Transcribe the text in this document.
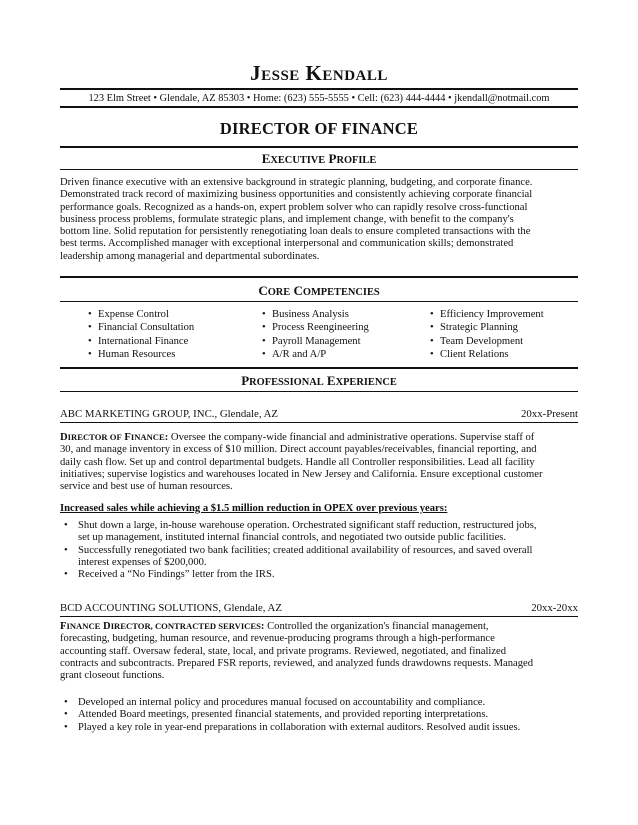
JESSE KENDALL
123 Elm Street • Glendale, AZ 85303 • Home: (623) 555-5555 • Cell: (623) 444-4444 • jkendall@notmail.com
DIRECTOR OF FINANCE
EXECUTIVE PROFILE
Driven finance executive with an extensive background in strategic planning, budgeting, and corporate finance.
Demonstrated track record of maximizing business opportunities and consistently achieving corporate financial
performance goals. Recognized as a hands-on, expert problem solver who can rapidly resolve cross-functional
business process problems, formulate strategic plans, and implement change, with benefit to the company's
bottom line. Solid reputation for persistently renegotiating loan deals to ensure completed transactions with the
best terms. Accomplished manager with exceptional interpersonal and communication skills; demonstrated
leadership among managerial and departmental subordinates.
CORE COMPETENCIES
• Expense Control
• Financial Consultation
• International Finance
• Human Resources
• Business Analysis
• Process Reengineering
• Payroll Management
• A/R and A/P
• Efficiency Improvement
• Strategic Planning
• Team Development
• Client Relations
PROFESSIONAL EXPERIENCE
ABC MARKETING GROUP, INC., Glendale, AZ	20xx-Present
DIRECTOR OF FINANCE: Oversee the company-wide financial and administrative operations. Supervise staff of
30, and manage inventory in excess of $10 million. Direct account payables/receivables, financial reporting, and
daily cash flow. Set up and control departmental budgets. Handle all Controller responsibilities. Lead all facility
initiatives; supervise logistics and warehouses located in New Jersey and California. Ensure exceptional customer
service and best use of human resources.
Increased sales while achieving a $1.5 million reduction in OPEX over previous years:
• Shut down a large, in-house warehouse operation. Orchestrated significant staff reduction, restructured jobs,
set up management, instituted internal financial controls, and negotiated two outside public facilities.
• Successfully renegotiated two bank facilities; created additional availability of resources, and saved overall
interest expenses of $200,000.
• Received a “No Findings” letter from the IRS.
BCD ACCOUNTING SOLUTIONS, Glendale, AZ	20xx-20xx
FINANCE DIRECTOR, CONTRACTED SERVICES: Controlled the organization's financial management,
forecasting, budgeting, human resource, and revenue-producing programs through a high-performance
accounting staff. Oversaw federal, state, local, and private programs. Reviewed, negotiated, and finalized
contracts and subcontracts. Prepared FSR reports, reviewed, and analyzed funds drawdowns requests. Managed
grant closeout functions.
• Developed an internal policy and procedures manual focused on accountability and compliance.
• Attended Board meetings, presented financial statements, and provided reporting interpretations.
• Played a key role in year-end preparations in collaboration with external auditors. Resolved audit issues.
